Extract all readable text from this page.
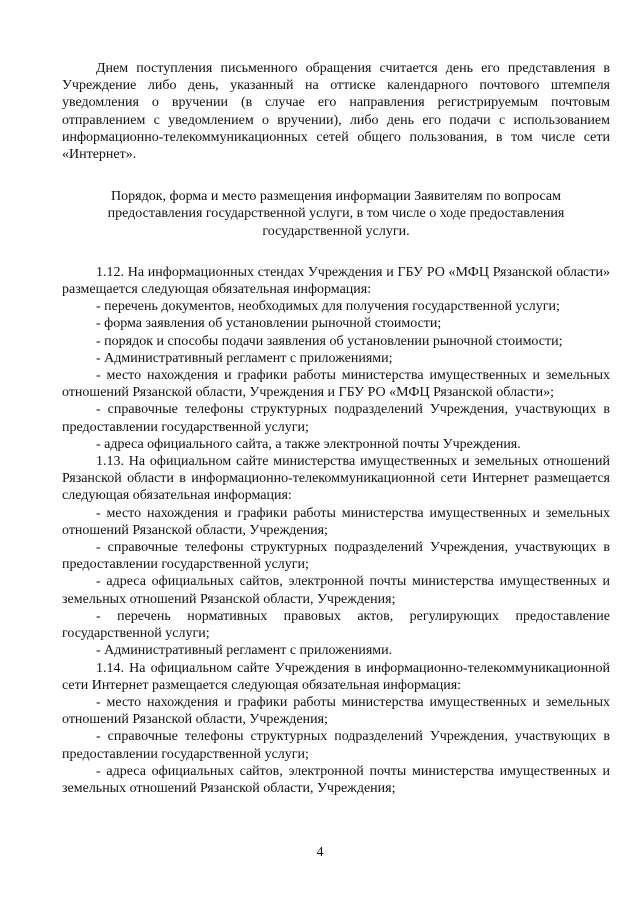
Днем поступления письменного обращения считается день его представления в Учреждение либо день, указанный на оттиске календарного почтового штемпеля уведомления о вручении (в случае его направления регистрируемым почтовым отправлением с уведомлением о вручении), либо день его подачи с использованием информационно-телекоммуникационных сетей общего пользования, в том числе сети «Интернет».

Порядок, форма и место размещения информации Заявителям по вопросам предоставления государственной услуги, в том числе о ходе предоставления государственной услуги.

1.12. На информационных стендах Учреждения и ГБУ РО «МФЦ Рязанской области» размещается следующая обязательная информация:

- перечень документов, необходимых для получения государственной услуги;

- форма заявления об установлении рыночной стоимости;

- порядок и способы подачи заявления об установлении рыночной стоимости;

- Административный регламент с приложениями;

- место нахождения и графики работы министерства имущественных и земельных отношений Рязанской области, Учреждения и ГБУ РО «МФЦ Рязанской области»;

- справочные телефоны структурных подразделений Учреждения, участвующих в предоставлении государственной услуги;

- адреса официального сайта, а также электронной почты Учреждения.

1.13. На официальном сайте министерства имущественных и земельных отношений Рязанской области в информационно-телекоммуникационной сети Интернет размещается следующая обязательная информация:

- место нахождения и графики работы министерства имущественных и земельных отношений Рязанской области, Учреждения;

- справочные телефоны структурных подразделений Учреждения, участвующих в предоставлении государственной услуги;

- адреса официальных сайтов, электронной почты министерства имущественных и земельных отношений Рязанской области, Учреждения;

- перечень нормативных правовых актов, регулирующих предоставление государственной услуги;

- Административный регламент с приложениями.

1.14. На официальном сайте Учреждения в информационно-телекоммуникационной сети Интернет размещается следующая обязательная информация:

- место нахождения и графики работы министерства имущественных и земельных отношений Рязанской области, Учреждения;

- справочные телефоны структурных подразделений Учреждения, участвующих в предоставлении государственной услуги;

- адреса официальных сайтов, электронной почты министерства имущественных и земельных отношений Рязанской области, Учреждения;

4
